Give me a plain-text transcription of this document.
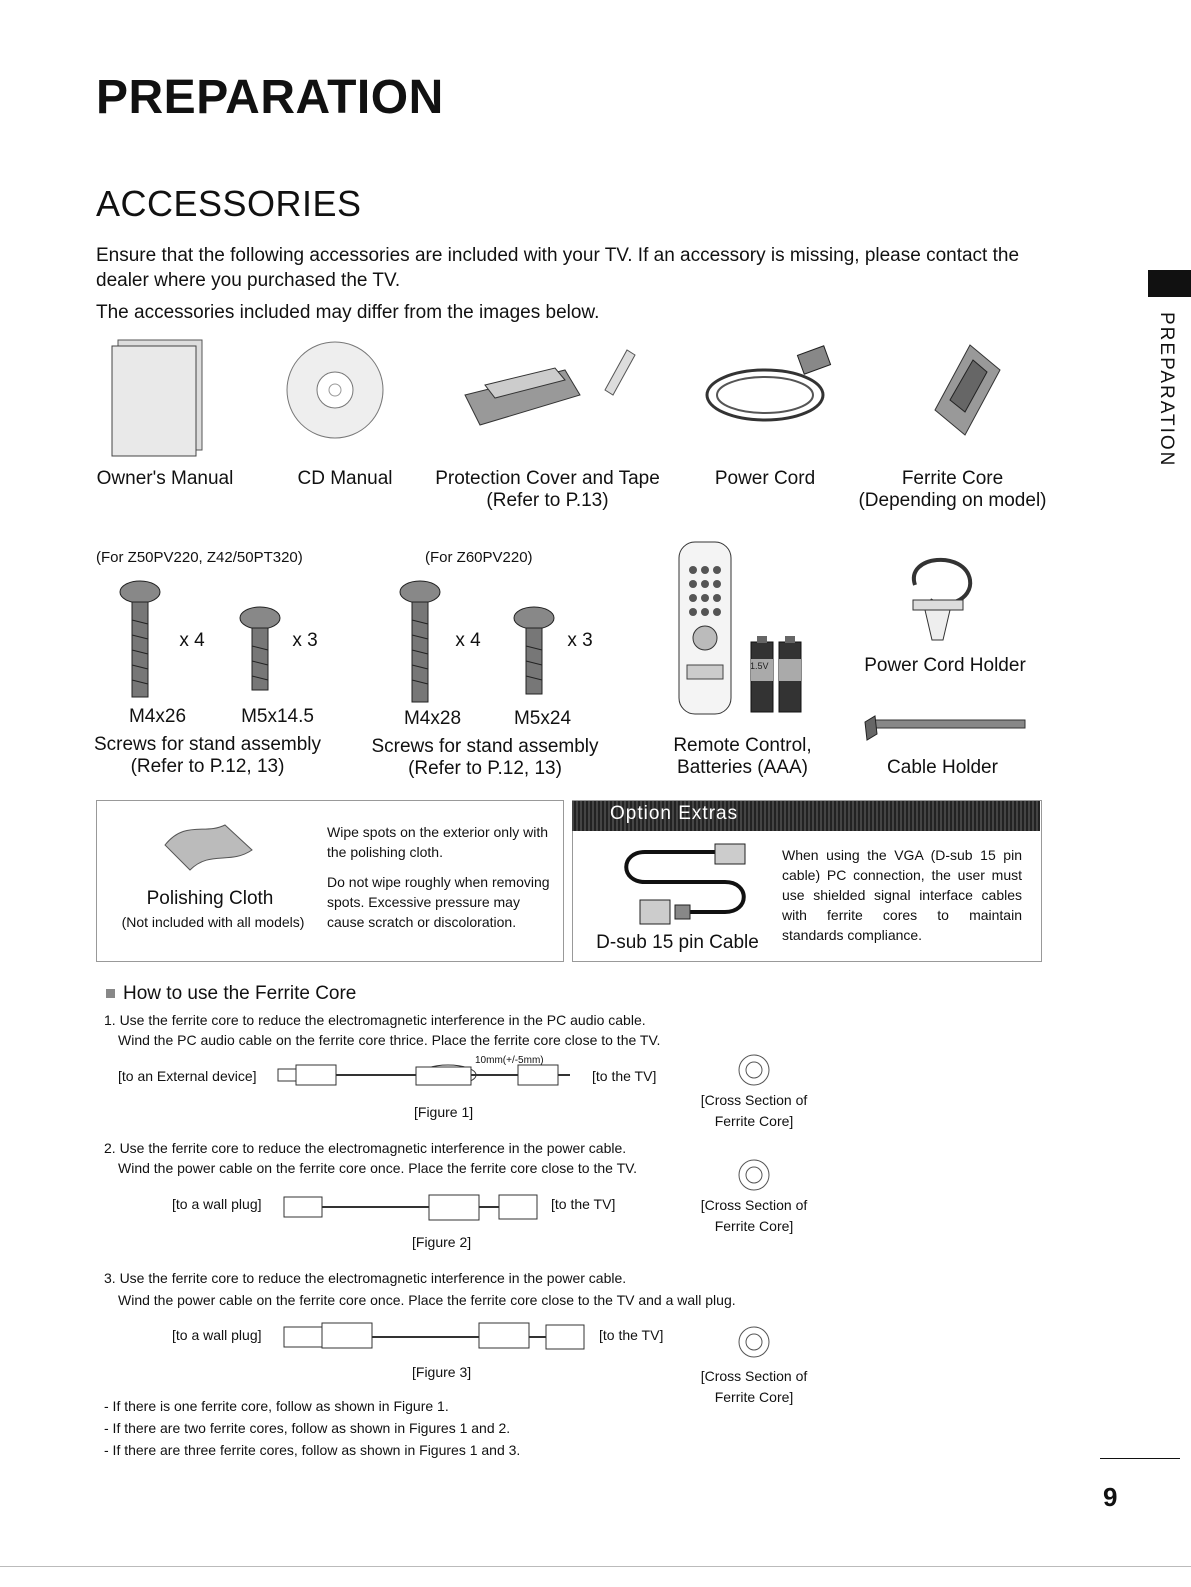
PREPARATION
ACCESSORIES
PREPARATION
Ensure that the following accessories are included with your TV. If an accessory is missing, please contact the dealer where you purchased the TV.
The accessories included may differ from the images below.
Owner's Manual	CD Manual	Protection Cover and Tape
(Refer to P.13)
Power Cord	Ferrite Core
(Depending on model)
(For Z50PV220, Z42/50PT320)
x 4	x 3
M4x26	M5x14.5
Screws for stand assembly
(Refer to P.12, 13)
(For Z60PV220)
x 4	x 3
M4x28	M5x24
Screws for stand assembly
(Refer to P.12, 13)
1.5V
Remote Control,
Batteries (AAA)
Power Cord Holder
Cable Holder
Polishing Cloth
(Not included with all models)
Wipe spots on the exterior only with the polishing cloth.
Do not wipe roughly when removing spots. Excessive pressure may cause scratch or discoloration.
Option Extras
D-sub 15 pin Cable
When using the VGA (D-sub 15 pin cable) PC connection, the user must use shielded signal interface cables with ferrite cores to maintain standards compliance.
How to use the Ferrite Core
1. Use the ferrite core to reduce the electromagnetic interference in the PC audio cable.
Wind the PC audio cable on the ferrite core thrice. Place the ferrite core close to the TV.
[to an External device]
10mm(+/-5mm)
[to the TV]
[Figure 1]
[Cross Section of
Ferrite Core]
2. Use the ferrite core to reduce the electromagnetic interference in the power cable.
Wind the power cable on the ferrite core once. Place the ferrite core close to the TV.
[to a wall plug]	[to the TV]
[Figure 2]
[Cross Section of
Ferrite Core]
3. Use the ferrite core to reduce the electromagnetic interference in the power cable.
Wind the power cable on the ferrite core once. Place the ferrite core close to the TV and a wall plug.
[to a wall plug]	[to the TV]
[Figure 3]	[Cross Section of
Ferrite Core]
- If there is one ferrite core, follow as shown in Figure 1.
- If there are two ferrite cores, follow as shown in Figures 1 and 2.
- If there are three ferrite cores, follow as shown in Figures 1 and 3.
9
